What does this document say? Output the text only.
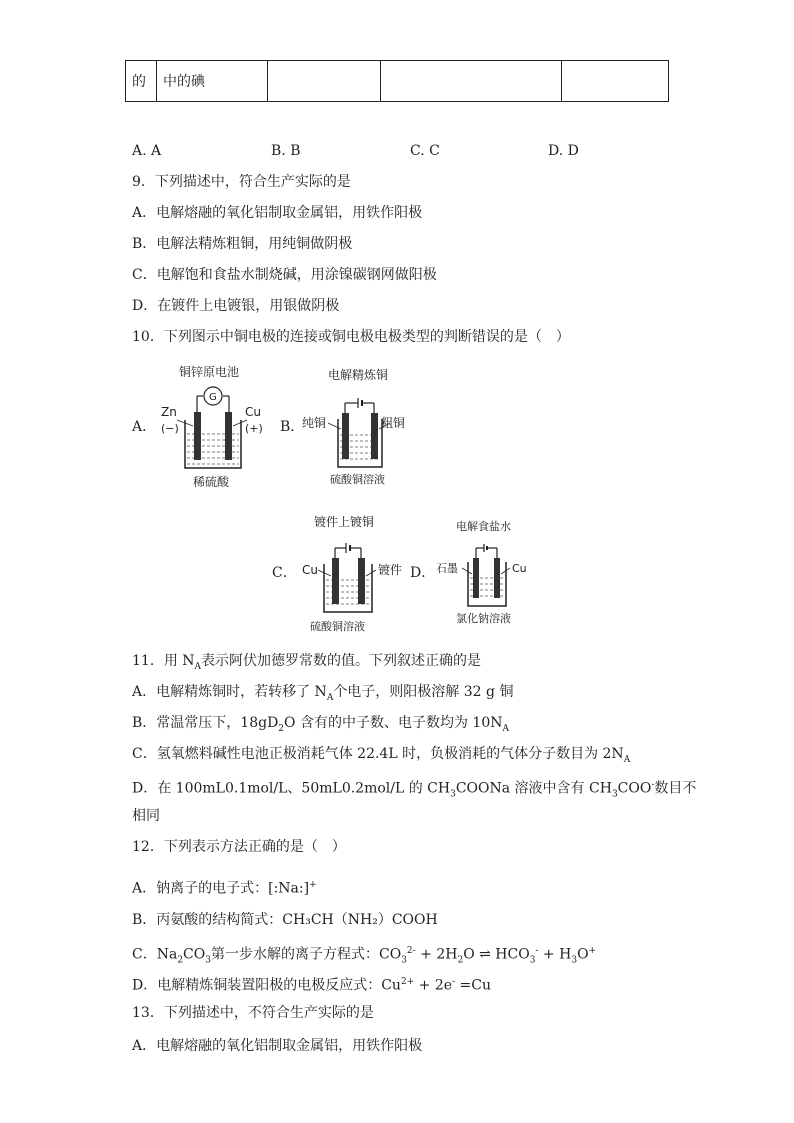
的	中的碘			
A. A	B. B	C. C	D. D
9．下列描述中，符合生产实际的是
A．电解熔融的氧化铝制取金属铝，用铁作阳极
B．电解法精炼粗铜，用纯铜做阴极
C．电解饱和食盐水制烧碱，用涂镍碳钢网做阳极
D．在镀件上电镀银，用银做阴极
10．下列图示中铜电极的连接或铜电极电极类型的判断错误的是（　）
A．
C．
铜锌原电池
G
Zn
(−)
Cu
(+)
稀硫酸
B．
电解精炼铜
纯铜	粗铜
硫酸铜溶液
镀件上镀铜
Cu	镀件
硫酸铜溶液
D．
电解食盐水
石墨	Cu
氯化钠溶液
11．用 $N_A$表示阿伏加德罗常数的值。下列叙述正确的是
A．电解精炼铜时，若转移了 $N_A$个电子，则阳极溶解 32 g 铜
B．常温常压下，$18gD_2O$ 含有的中子数、电子数均为 $10N_A$
C．氢氧燃料碱性电池正极消耗气体 22.4L 时，负极消耗的气体分子数目为 $2N_A$
D．在 100mL0.1mol/L、50mL0.2mol/L 的 $CH_3COONa$ 溶液中含有 $CH_3COO^-$数目不
相同
12．下列表示方法正确的是（　）
A．钠离子的电子式：[:Na:]+
B．丙氨酸的结构简式：CH₃CH（NH₂）COOH
C．$Na_2CO_3$第一步水解的离子方程式：$CO_3^{2-} + 2H_2O$ ⇌ $HCO_3^- + H_3O^+$
D．电解精炼铜装置阳极的电极反应式：$Cu^{2+} + 2e^- =Cu$
13．下列描述中，不符合生产实际的是
A．电解熔融的氧化铝制取金属铝，用铁作阳极
